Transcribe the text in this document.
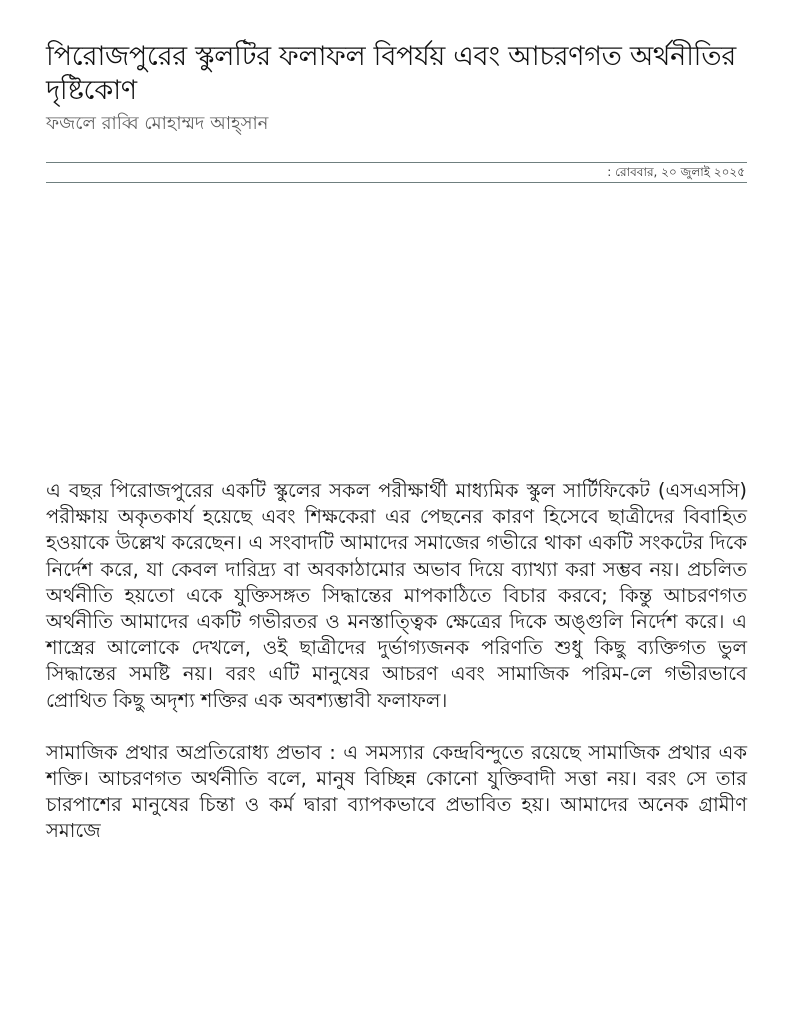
পিরোজপুরের স্কুলটির ফলাফল বিপর্যয় এবং আচরণগত অর্থনীতির দৃষ্টিকোণ
ফজলে রাব্বি মোহাম্মদ আহ্‌সান
: রোববার, ২০ জুলাই ২০২৫

এ বছর পিরোজপুরের একটি স্কুলের সকল পরীক্ষার্থী মাধ্যমিক স্কুল সার্টিফিকেট (এসএসসি) পরীক্ষায় অকৃতকার্য হয়েছে এবং শিক্ষকেরা এর পেছনের কারণ হিসেবে ছাত্রীদের বিবাহিত হওয়াকে উল্লেখ করেছেন। এ সংবাদটি আমাদের সমাজের গভীরে থাকা একটি সংকটের দিকে নির্দেশ করে, যা কেবল দারিদ্র্য বা অবকাঠামোর অভাব দিয়ে ব্যাখ্যা করা সম্ভব নয়। প্রচলিত অর্থনীতি হয়তো একে যুক্তিসঙ্গত সিদ্ধান্তের মাপকাঠিতে বিচার করবে; কিন্তু আচরণগত অর্থনীতি আমাদের একটি গভীরতর ও মনস্তাত্ত্বিক ক্ষেত্রের দিকে অঙ্গুলি নির্দেশ করে। এ শাস্ত্রের আলোকে দেখলে, ওই ছাত্রীদের দুর্ভাগ্যজনক পরিণতি শুধু কিছু ব্যক্তিগত ভুল সিদ্ধান্তের সমষ্টি নয়। বরং এটি মানুষের আচরণ এবং সামাজিক পরিম-লে গভীরভাবে প্রোথিত কিছু অদৃশ্য শক্তির এক অবশ্যম্ভাবী ফলাফল।

সামাজিক প্রথার অপ্রতিরোধ্য প্রভাব : এ সমস্যার কেন্দ্রবিন্দুতে রয়েছে সামাজিক প্রথার এক শক্তি। আচরণগত অর্থনীতি বলে, মানুষ বিচ্ছিন্ন কোনো যুক্তিবাদী সত্তা নয়। বরং সে তার চারপাশের মানুষের চিন্তা ও কর্ম দ্বারা ব্যাপকভাবে প্রভাবিত হয়। আমাদের অনেক গ্রামীণ সমাজে
